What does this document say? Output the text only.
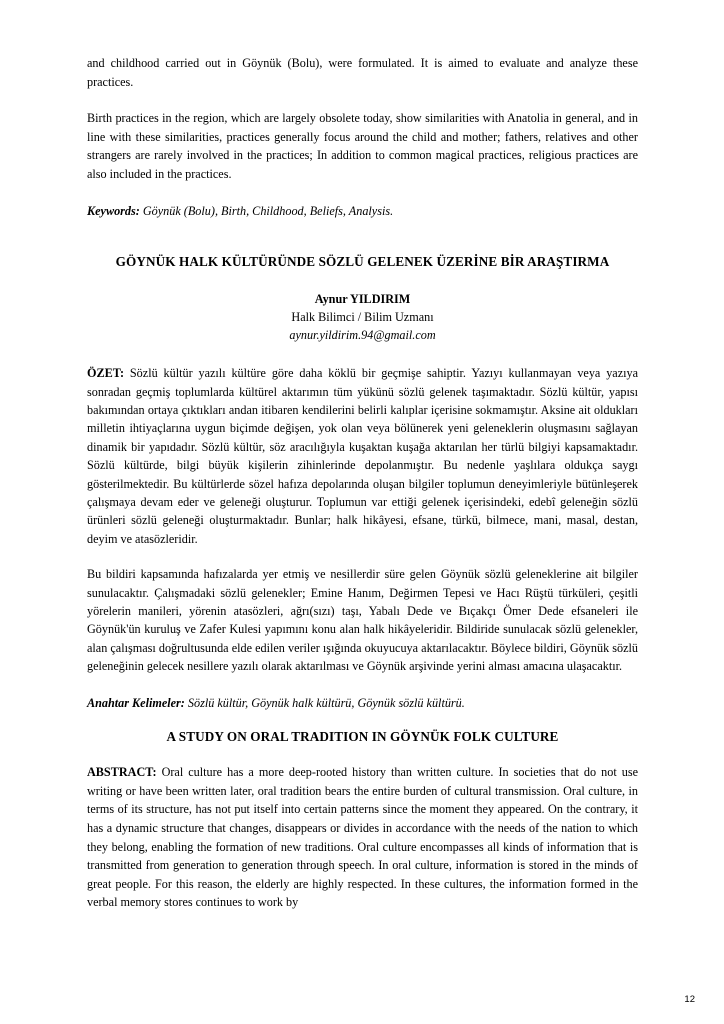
and childhood carried out in Göynük (Bolu), were formulated. It is aimed to evaluate and analyze these practices.

Birth practices in the region, which are largely obsolete today, show similarities with Anatolia in general, and in line with these similarities, practices generally focus around the child and mother; fathers, relatives and other strangers are rarely involved in the practices; In addition to common magical practices, religious practices are also included in the practices.

Keywords: Göynük (Bolu), Birth, Childhood, Beliefs, Analysis.

GÖYNÜK HALK KÜLTÜRÜNDE SÖZLÜ GELENEK ÜZERİNE BİR ARAŞTIRMA

Aynur YILDIRIM

Halk Bilimci / Bilim Uzmanı

aynur.yildirim.94@gmail.com

ÖZET: Sözlü kültür yazılı kültüre göre daha köklü bir geçmişe sahiptir. Yazıyı kullanmayan veya yazıya sonradan geçmiş toplumlarda kültürel aktarımın tüm yükünü sözlü gelenek taşımaktadır. Sözlü kültür, yapısı bakımından ortaya çıktıkları andan itibaren kendilerini belirli kalıplar içerisine sokmamıştır. Aksine ait oldukları milletin ihtiyaçlarına uygun biçimde değişen, yok olan veya bölünerek yeni geleneklerin oluşmasını sağlayan dinamik bir yapıdadır. Sözlü kültür, söz aracılığıyla kuşaktan kuşağa aktarılan her türlü bilgiyi kapsamaktadır. Sözlü kültürde, bilgi büyük kişilerin zihinlerinde depolanmıştır. Bu nedenle yaşlılara oldukça saygı gösterilmektedir. Bu kültürlerde sözel hafıza depolarında oluşan bilgiler toplumun deneyimleriyle bütünleşerek çalışmaya devam eder ve geleneği oluşturur. Toplumun var ettiği gelenek içerisindeki, edebî geleneğin sözlü ürünleri sözlü geleneği oluşturmaktadır. Bunlar; halk hikâyesi, efsane, türkü, bilmece, mani, masal, destan, deyim ve atasözleridir.

Bu bildiri kapsamında hafızalarda yer etmiş ve nesillerdir süre gelen Göynük sözlü geleneklerine ait bilgiler sunulacaktır. Çalışmadaki sözlü gelenekler; Emine Hanım, Değirmen Tepesi ve Hacı Rüştü türküleri, çeşitli yörelerin manileri, yörenin atasözleri, ağrı(sızı) taşı, Yabalı Dede ve Bıçakçı Ömer Dede efsaneleri ile Göynük'ün kuruluş ve Zafer Kulesi yapımını konu alan halk hikâyeleridir. Bildiride sunulacak sözlü gelenekler, alan çalışması doğrultusunda elde edilen veriler ışığında okuyucuya aktarılacaktır. Böylece bildiri, Göynük sözlü geleneğinin gelecek nesillere yazılı olarak aktarılması ve Göynük arşivinde yerini alması amacına ulaşacaktır.

Anahtar Kelimeler: Sözlü kültür, Göynük halk kültürü, Göynük sözlü kültürü.

A STUDY ON ORAL TRADITION IN GÖYNÜK FOLK CULTURE

ABSTRACT: Oral culture has a more deep-rooted history than written culture. In societies that do not use writing or have been written later, oral tradition bears the entire burden of cultural transmission. Oral culture, in terms of its structure, has not put itself into certain patterns since the moment they appeared. On the contrary, it has a dynamic structure that changes, disappears or divides in accordance with the needs of the nation to which they belong, enabling the formation of new traditions. Oral culture encompasses all kinds of information that is transmitted from generation to generation through speech. In oral culture, information is stored in the minds of great people. For this reason, the elderly are highly respected. In these cultures, the information formed in the verbal memory stores continues to work by

12
